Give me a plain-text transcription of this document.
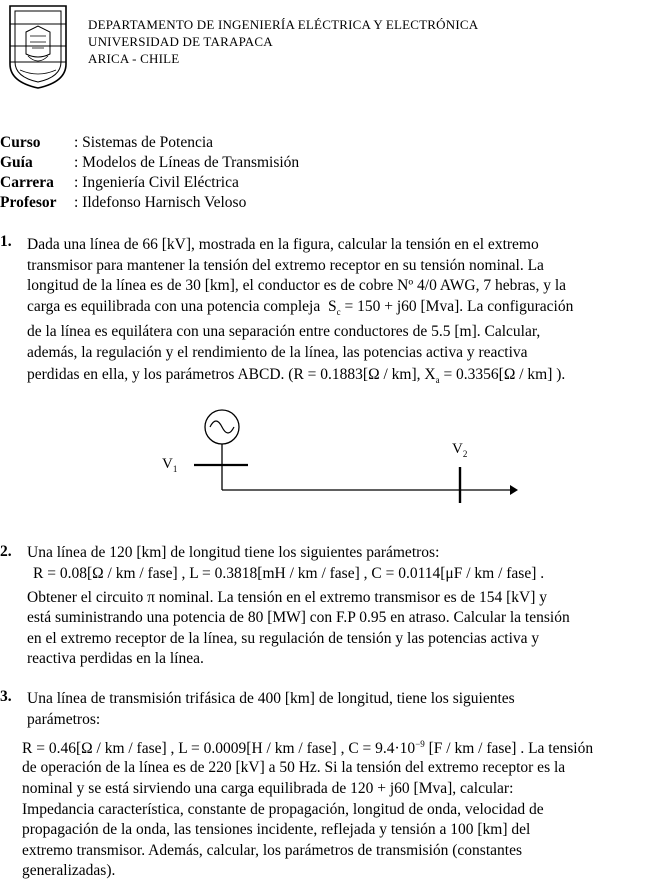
DEPARTAMENTO DE INGENIERÍA ELÉCTRICA Y ELECTRÓNICA
UNIVERSIDAD DE TARAPACA
ARICA - CHILE
Curso : Sistemas de Potencia
Guía	: Modelos de Líneas de Transmisión
Carrera : Ingeniería Civil Eléctrica
Profesor : Ildefonso Harnisch Veloso
1. Dada una línea de 66 [kV], mostrada en la figura, calcular la tensión en el extremo
transmisor para mantener la tensión del extremo receptor en su tensión nominal. La
longitud de la línea es de 30 [km], el conductor es de cobre Nº 4/0 AWG, 7 hebras, y la
carga es equilibrada con una potencia compleja $S_c = 150 + j60$ [Mva]. La configuración
de la línea es equilátera con una separación entre conductores de 5.5 [m]. Calcular,
además, la regulación y el rendimiento de la línea, las potencias activa y reactiva
perdidas en ella, y los parámetros ABCD. (R = 0.1883[Ω / km], $X_a = 0.3356[\Omega / km]$ ).
$V_1$
$V_2$
2. Una línea de 120 [km] de longitud tiene los siguientes parámetros:
R = 0.08[Ω / km / fase] , L = 0.3818[mH / km / fase] , C = 0.0114[μF / km / fase] .
Obtener el circuito π nominal. La tensión en el extremo transmisor es de 154 [kV] y
está suministrando una potencia de 80 [MW] con F.P 0.95 en atraso. Calcular la tensión
en el extremo receptor de la línea, su regulación de tensión y las potencias activa y
reactiva perdidas en la línea.
3. Una línea de transmisión trifásica de 400 [km] de longitud, tiene los siguientes
parámetros:
R = 0.46[Ω / km / fase] , L = 0.0009[H / km / fase] , $C = 9.4\cdot 10^{-9}$ [F / km / fase] . La tensión
de operación de la línea es de 220 [kV] a 50 Hz. Si la tensión del extremo receptor es la
nominal y se está sirviendo una carga equilibrada de 120 + j60 [Mva], calcular:
Impedancia característica, constante de propagación, longitud de onda, velocidad de
propagación de la onda, las tensiones incidente, reflejada y tensión a 100 [km] del
extremo transmisor. Además, calcular, los parámetros de transmisión (constantes
generalizadas).
